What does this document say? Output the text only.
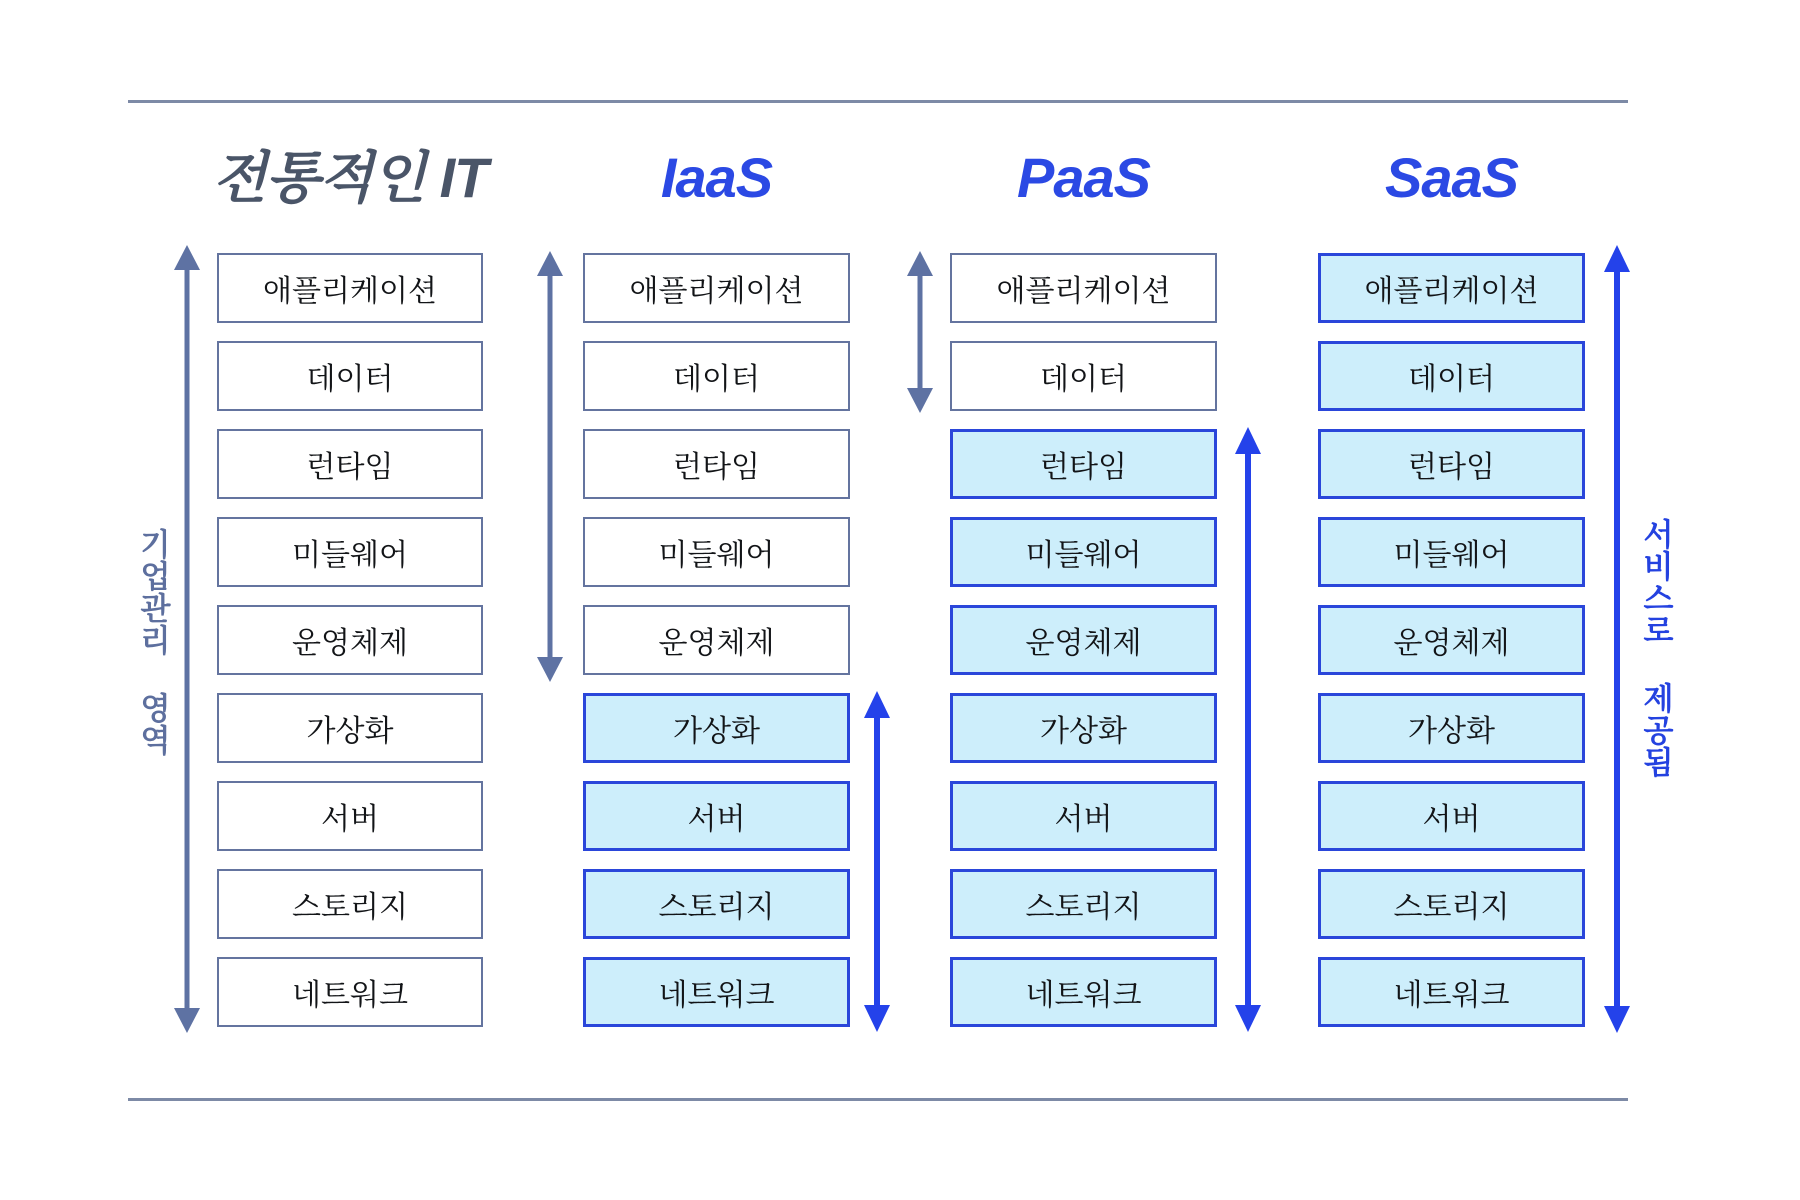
기업관리 영역	서비스로 제공됨
전통적인 IT
애플리케이션
데이터
런타임
미들웨어
운영체제
가상화
서버
스토리지
네트워크
IaaS
애플리케이션
데이터
런타임
미들웨어
운영체제
가상화
서버
스토리지
네트워크
PaaS
애플리케이션
데이터
런타임
미들웨어
운영체제
가상화
서버
스토리지
네트워크
SaaS
애플리케이션
데이터
런타임
미들웨어
운영체제
가상화
서버
스토리지
네트워크
